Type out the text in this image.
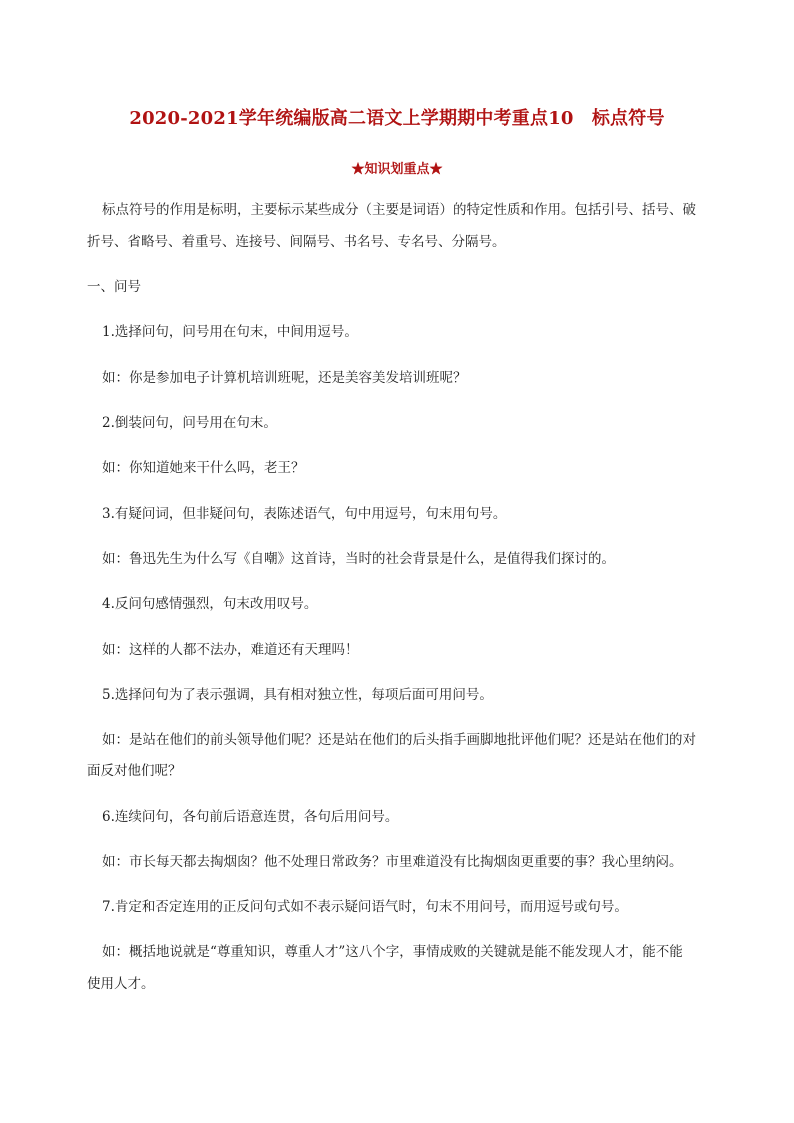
2020-2021学年统编版高二语文上学期期中考重点10　标点符号
★知识划重点★
标点符号的作用是标明，主要标示某些成分（主要是词语）的特定性质和作用。包括引号、括号、破
折号、省略号、着重号、连接号、间隔号、书名号、专名号、分隔号。
一、问号
1.选择问句，问号用在句末，中间用逗号。
如：你是参加电子计算机培训班呢，还是美容美发培训班呢？
2.倒装问句，问号用在句末。
如：你知道她来干什么吗，老王？
3.有疑问词，但非疑问句，表陈述语气，句中用逗号，句末用句号。
如：鲁迅先生为什么写《自嘲》这首诗，当时的社会背景是什么，是值得我们探讨的。
4.反问句感情强烈，句末改用叹号。
如：这样的人都不法办，难道还有天理吗！
5.选择问句为了表示强调，具有相对独立性，每项后面可用问号。
如：是站在他们的前头领导他们呢？还是站在他们的后头指手画脚地批评他们呢？还是站在他们的对
面反对他们呢？
6.连续问句，各句前后语意连贯，各句后用问号。
如：市长每天都去掏烟囱？他不处理日常政务？市里难道没有比掏烟囱更重要的事？我心里纳闷。
7.肯定和否定连用的正反问句式如不表示疑问语气时，句末不用问号，而用逗号或句号。
如：概括地说就是“尊重知识，尊重人才”这八个字，事情成败的关键就是能不能发现人才，能不能
使用人才。
